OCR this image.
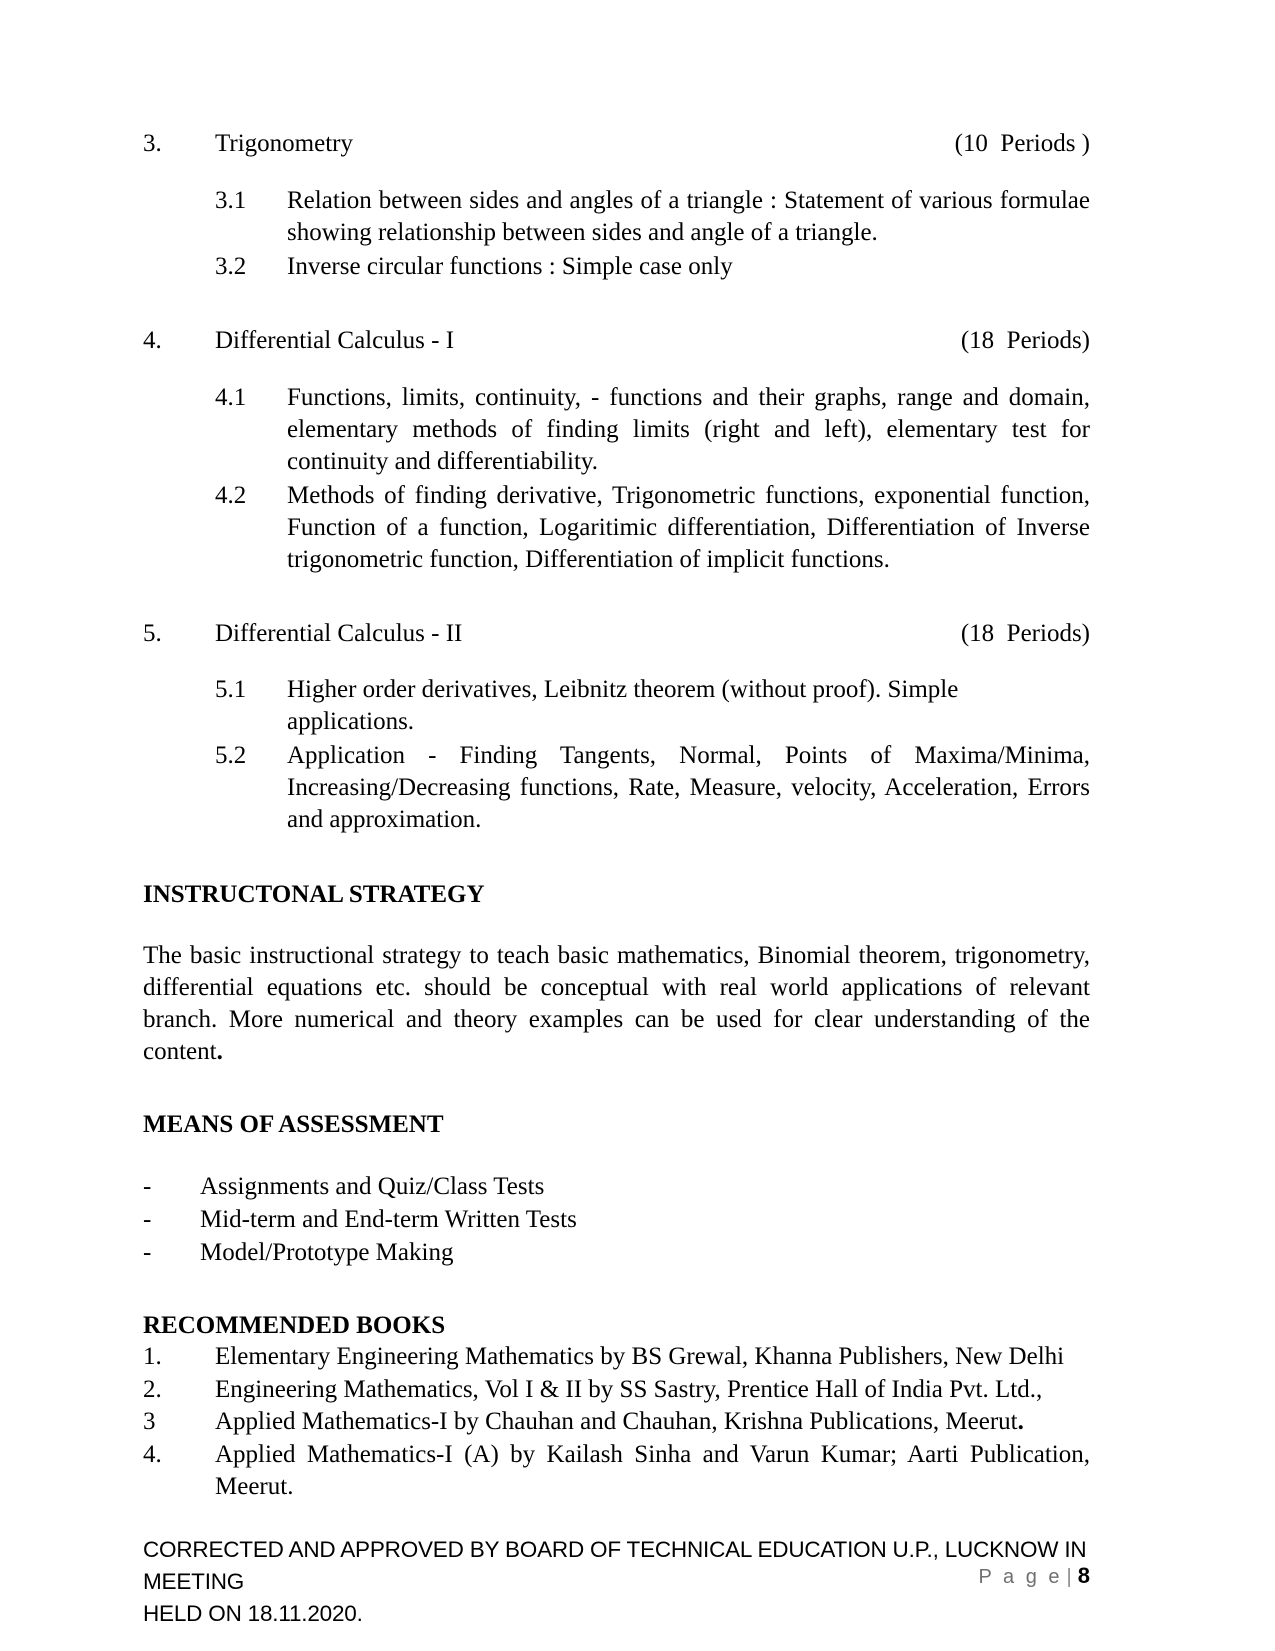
3.	Trigonometry	(10  Periods )
3.1	Relation between sides and angles of a triangle : Statement of various formulae showing relationship between sides and angle of a triangle.
3.2	Inverse circular functions : Simple case only
4.	Differential Calculus - I	(18  Periods)
4.1	Functions, limits, continuity, - functions and their graphs, range and domain, elementary methods of finding limits (right and left), elementary test for continuity and differentiability.
4.2	Methods of finding derivative, Trigonometric functions, exponential function, Function of a function, Logaritimic differentiation, Differentiation of Inverse trigonometric function, Differentiation of implicit functions.
5.	Differential Calculus - II	(18  Periods)
5.1	Higher order derivatives, Leibnitz theorem (without proof). Simple applications.
5.2	Application - Finding Tangents, Normal, Points of Maxima/Minima, Increasing/Decreasing functions, Rate, Measure, velocity, Acceleration, Errors and approximation.
INSTRUCTONAL STRATEGY
The basic instructional strategy to teach basic mathematics, Binomial theorem, trigonometry, differential equations etc. should be conceptual with real world applications of relevant branch. More numerical and theory examples can be used for clear understanding of the content.
MEANS OF ASSESSMENT
-	Assignments and Quiz/Class Tests
-	Mid-term and End-term Written Tests
-	Model/Prototype Making
RECOMMENDED BOOKS
1.	Elementary Engineering Mathematics by BS Grewal, Khanna Publishers, New Delhi
2.	Engineering Mathematics, Vol I & II by SS Sastry, Prentice Hall of India Pvt. Ltd.,
3	Applied Mathematics-I by Chauhan and Chauhan, Krishna Publications, Meerut.
4.	Applied Mathematics-I (A) by Kailash Sinha and Varun Kumar; Aarti Publication, Meerut.
CORRECTED AND APPROVED BY BOARD OF TECHNICAL EDUCATION U.P., LUCKNOW IN MEETING
HELD ON 18.11.2020.
P a g e | 8
